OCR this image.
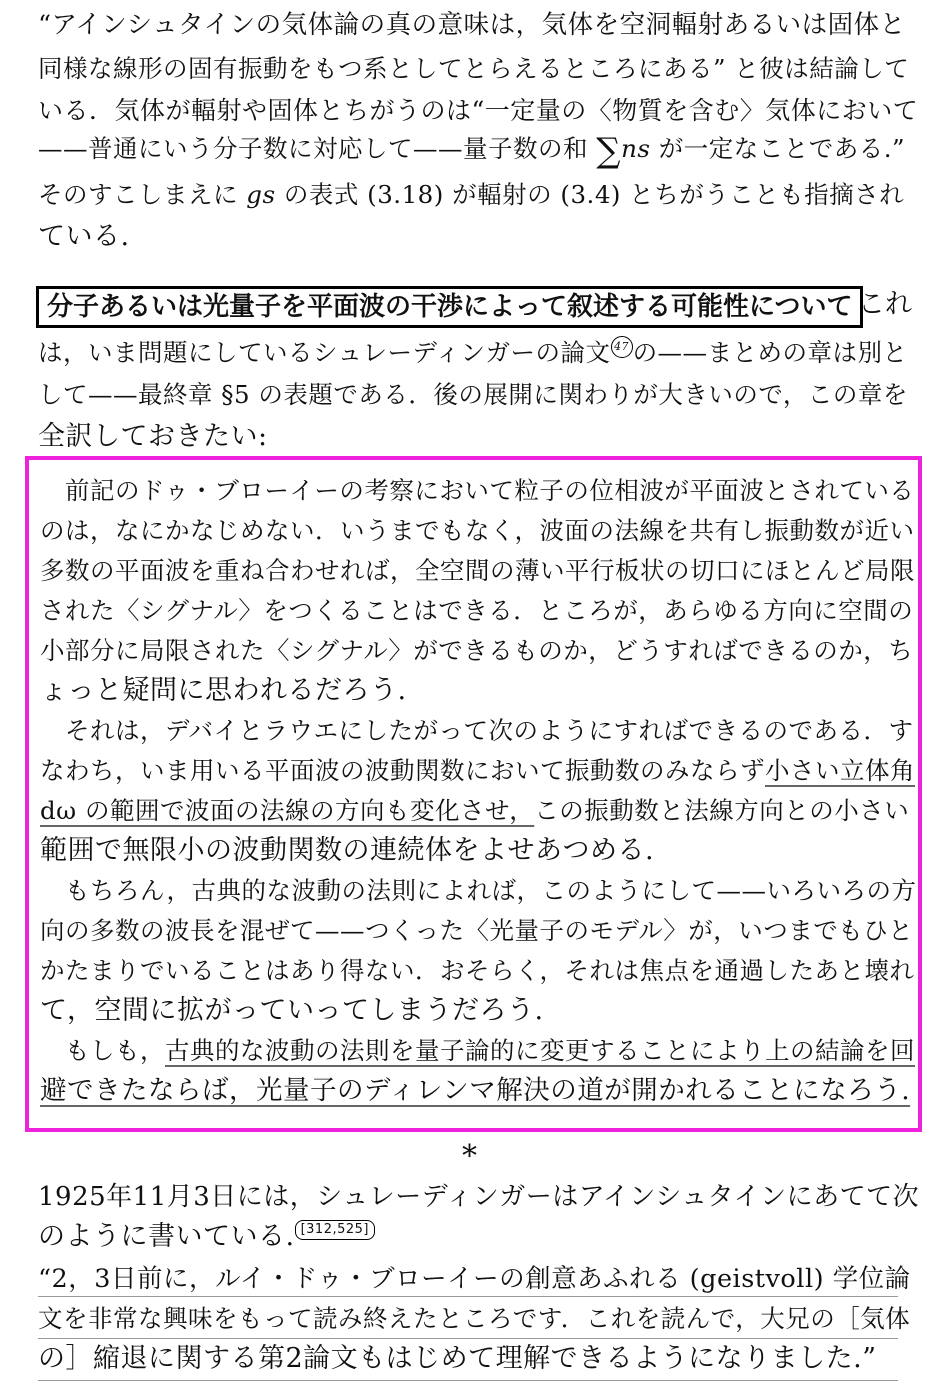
“アインシュタインの気体論の真の意味は，気体を空洞輻射あるいは固体と
同様な線形の固有振動をもつ系としてとらえるところにある” と彼は結論して
いる．気体が輻射や固体とちがうのは“一定量の〈物質を含む〉気体において
——普通にいう分子数に対応して——量子数の和 ∑ns が一定なことである.”
そのすこしまえに gs の表式 (3.18) が輻射の (3.4) とちがうことも指摘され
ている.
分子あるいは光量子を平面波の干渉によって叙述する可能性について これ
は，いま問題にしているシュレーディンガーの論文 47 の——まとめの章は別と
して——最終章 §5 の表題である．後の展開に関わりが大きいので，この章を
全訳しておきたい:
　前記のドゥ・ブローイーの考察において粒子の位相波が平面波とされている
のは，なにかなじめない．いうまでもなく，波面の法線を共有し振動数が近い
多数の平面波を重ね合わせれば，全空間の薄い平行板状の切口にほとんど局限
された〈シグナル〉をつくることはできる．ところが，あらゆる方向に空間の
小部分に局限された〈シグナル〉ができるものか，どうすればできるのか，ち
ょっと疑問に思われるだろう.
　それは，デバイとラウエにしたがって次のようにすればできるのである．す
なわち，いま用いる平面波の波動関数において振動数のみならず小さい立体角
dω の範囲で波面の法線の方向も変化させ，この振動数と法線方向との小さい
範囲で無限小の波動関数の連続体をよせあつめる.
　もちろん，古典的な波動の法則によれば，このようにして——いろいろの方
向の多数の波長を混ぜて——つくった〈光量子のモデル〉が，いつまでもひと
かたまりでいることはあり得ない．おそらく，それは焦点を通過したあと壊れ
て，空間に拡がっていってしまうだろう.
　もしも，古典的な波動の法則を量子論的に変更することにより上の結論を回
避できたならば，光量子のディレンマ解決の道が開かれることになろう.
*
1925年11月3日には，シュレーディンガーはアインシュタインにあてて次
のように書いている. [312,525]
“2，3日前に，ルイ・ドゥ・ブローイーの創意あふれる (geistvoll) 学位論
文を非常な興味をもって読み終えたところです．これを読んで，大兄の［気体
の］縮退に関する第2論文もはじめて理解できるようになりました.”
